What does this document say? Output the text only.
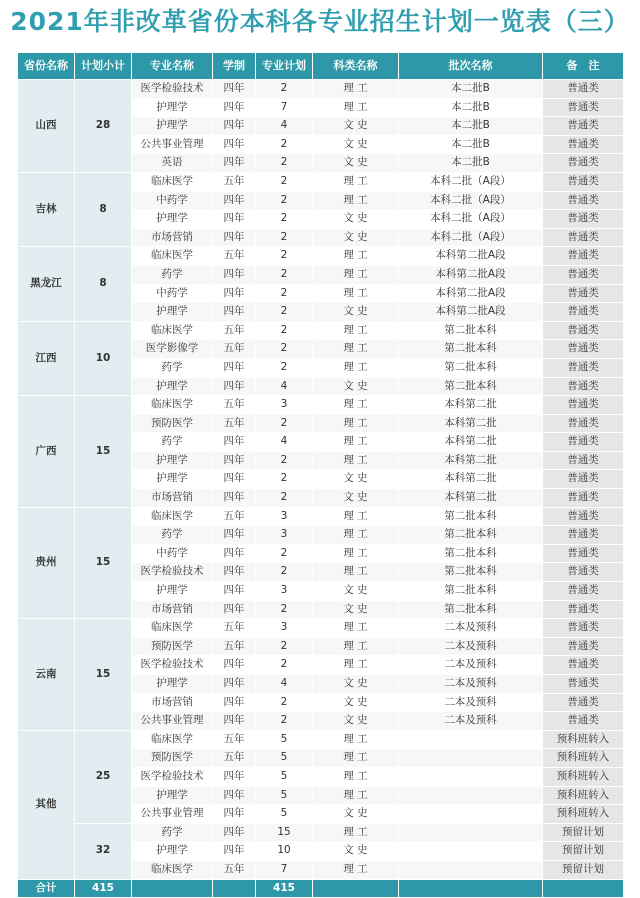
2021年非改革省份本科各专业招生计划一览表（三）
省份名称	计划小计	专业名称	学制	专业计划	科类名称	批次名称	备　注
山西	28	医学检验技术	四年	2	理 工	本二批B	普通类
		护理学	四年	7	理 工	本二批B	普通类
		护理学	四年	4	文 史	本二批B	普通类
		公共事业管理	四年	2	文 史	本二批B	普通类
		英语	四年	2	文 史	本二批B	普通类
吉林	8	临床医学	五年	2	理 工	本科二批（A段）	普通类
		中药学	四年	2	理 工	本科二批（A段）	普通类
		护理学	四年	2	文 史	本科二批（A段）	普通类
		市场营销	四年	2	文 史	本科二批（A段）	普通类
黑龙江	8	临床医学	五年	2	理 工	本科第二批A段	普通类
		药学	四年	2	理 工	本科第二批A段	普通类
		中药学	四年	2	理 工	本科第二批A段	普通类
		护理学	四年	2	文 史	本科第二批A段	普通类
江西	10	临床医学	五年	2	理 工	第二批本科	普通类
		医学影像学	五年	2	理 工	第二批本科	普通类
		药学	四年	2	理 工	第二批本科	普通类
		护理学	四年	4	文 史	第二批本科	普通类
广西	15	临床医学	五年	3	理 工	本科第二批	普通类
		预防医学	五年	2	理 工	本科第二批	普通类
		药学	四年	4	理 工	本科第二批	普通类
		护理学	四年	2	理 工	本科第二批	普通类
		护理学	四年	2	文 史	本科第二批	普通类
		市场营销	四年	2	文 史	本科第二批	普通类
贵州	15	临床医学	五年	3	理 工	第二批本科	普通类
		药学	四年	3	理 工	第二批本科	普通类
		中药学	四年	2	理 工	第二批本科	普通类
		医学检验技术	四年	2	理 工	第二批本科	普通类
		护理学	四年	3	文 史	第二批本科	普通类
		市场营销	四年	2	文 史	第二批本科	普通类
云南	15	临床医学	五年	3	理 工	二本及预科	普通类
		预防医学	五年	2	理 工	二本及预科	普通类
		医学检验技术	四年	2	理 工	二本及预科	普通类
		护理学	四年	4	文 史	二本及预科	普通类
		市场营销	四年	2	文 史	二本及预科	普通类
		公共事业管理	四年	2	文 史	二本及预科	普通类
其他	25	临床医学	五年	5	理 工		预科班转入
		预防医学	五年	5	理 工		预科班转入
		医学检验技术	四年	5	理 工		预科班转入
		护理学	四年	5	理 工		预科班转入
		公共事业管理	四年	5	文 史		预科班转入
	32	药学	四年	15	理 工		预留计划
		护理学	四年	10	文 史		预留计划
		临床医学	五年	7	理 工		预留计划
合计	415			415			
